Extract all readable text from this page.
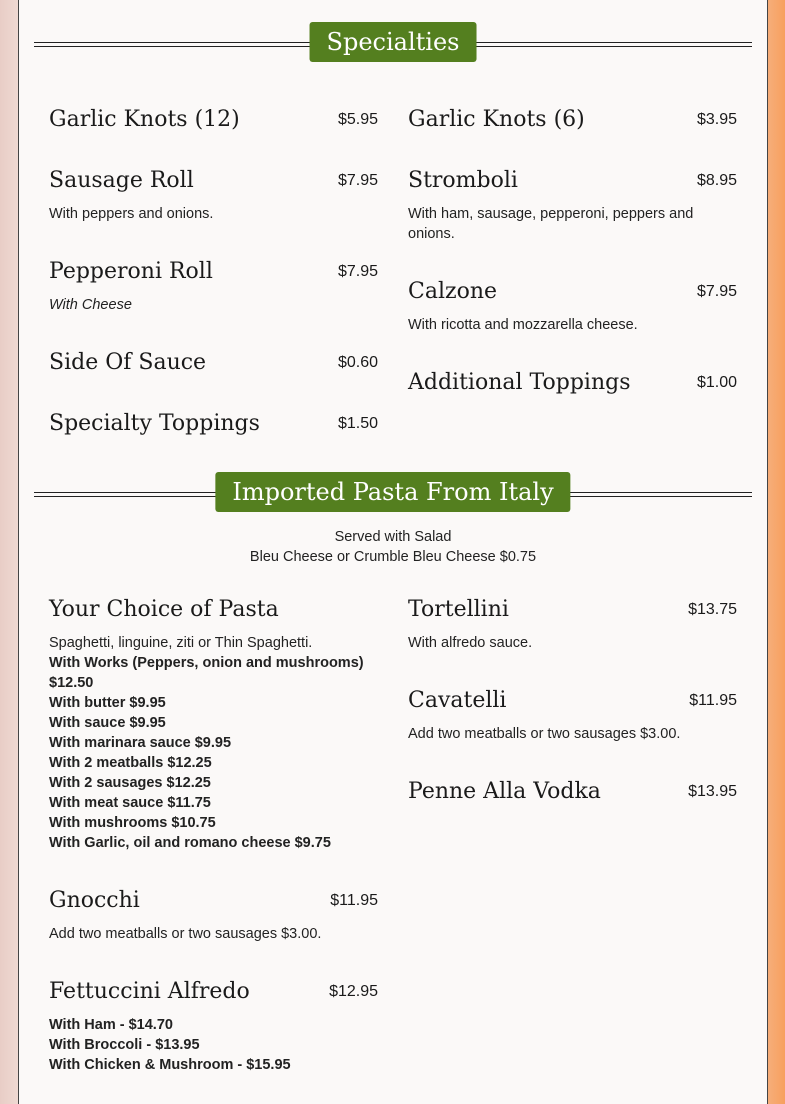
Specialties
Garlic Knots (12)	$5.95
Sausage Roll	$7.95
With peppers and onions.
Pepperoni Roll	$7.95
With Cheese
Side Of Sauce	$0.60
Specialty Toppings	$1.50
Garlic Knots (6)	$3.95
Stromboli	$8.95
With ham, sausage, pepperoni, peppers and onions.
Calzone	$7.95
With ricotta and mozzarella cheese.
Additional Toppings	$1.00
Imported Pasta From Italy
Served with Salad
Bleu Cheese or Crumble Bleu Cheese $0.75
Your Choice of Pasta
Spaghetti, linguine, ziti or Thin Spaghetti.
With Works (Peppers, onion and mushrooms)
$12.50
With butter $9.95
With sauce $9.95
With marinara sauce $9.95
With 2 meatballs $12.25
With 2 sausages $12.25
With meat sauce $11.75
With mushrooms $10.75
With Garlic, oil and romano cheese $9.75
Gnocchi	$11.95
Add two meatballs or two sausages $3.00.
Fettuccini Alfredo	$12.95
With Ham - $14.70
With Broccoli - $13.95
With Chicken & Mushroom - $15.95
Tortellini	$13.75
With alfredo sauce.
Cavatelli	$11.95
Add two meatballs or two sausages $3.00.
Penne Alla Vodka	$13.95
